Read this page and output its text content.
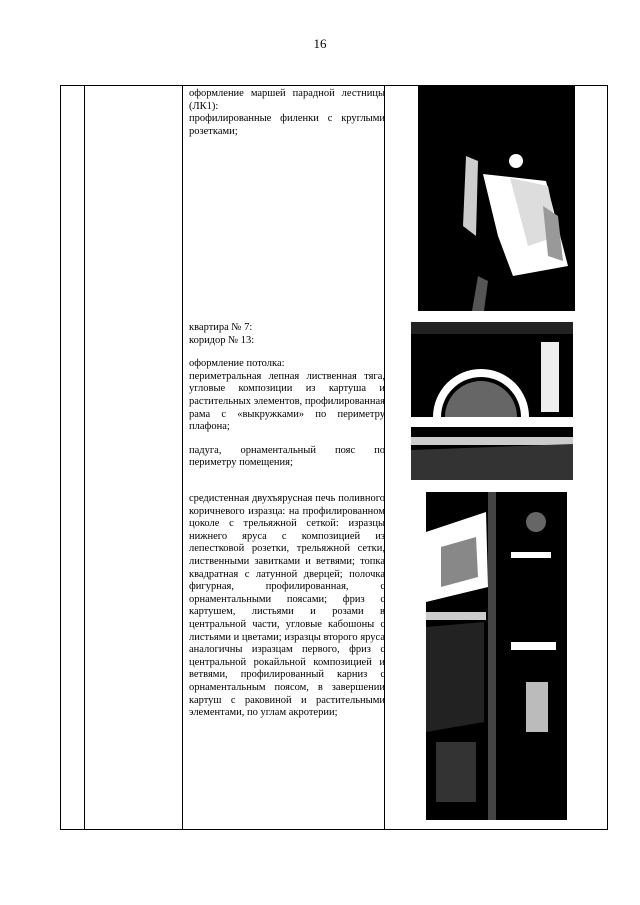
16

оформление маршей парадной лестницы (ЛК1):

профилированные филенки с круглыми розетками;

квартира № 7:
коридор № 13:

оформление потолка:
периметральная лепная лиственная тяга, угловые композиции из картуша и растительных элементов, профилированная рама с «выкружками» по периметру плафона;

падуга, орнаментальный пояс по периметру помещения;

средистенная двухъярусная печь поливного коричневого изразца: на профилированном цоколе с трельяжной сеткой: изразцы нижнего яруса с композицией из лепестковой розетки, трельяжной сетки, лиственными завитками и ветвями; топка квадратная с латунной дверцей; полочка фигурная, профилированная, с орнаментальными поясами; фриз с картушем, листьями и розами в центральной части, угловые кабошоны с листьями и цветами; изразцы второго яруса аналогичны изразцам первого, фриз с центральной рокайльной композицией и ветвями, профилированный карниз с орнаментальным поясом, в завершении картуш с раковиной и растительными элементами, по углам акротерии;
